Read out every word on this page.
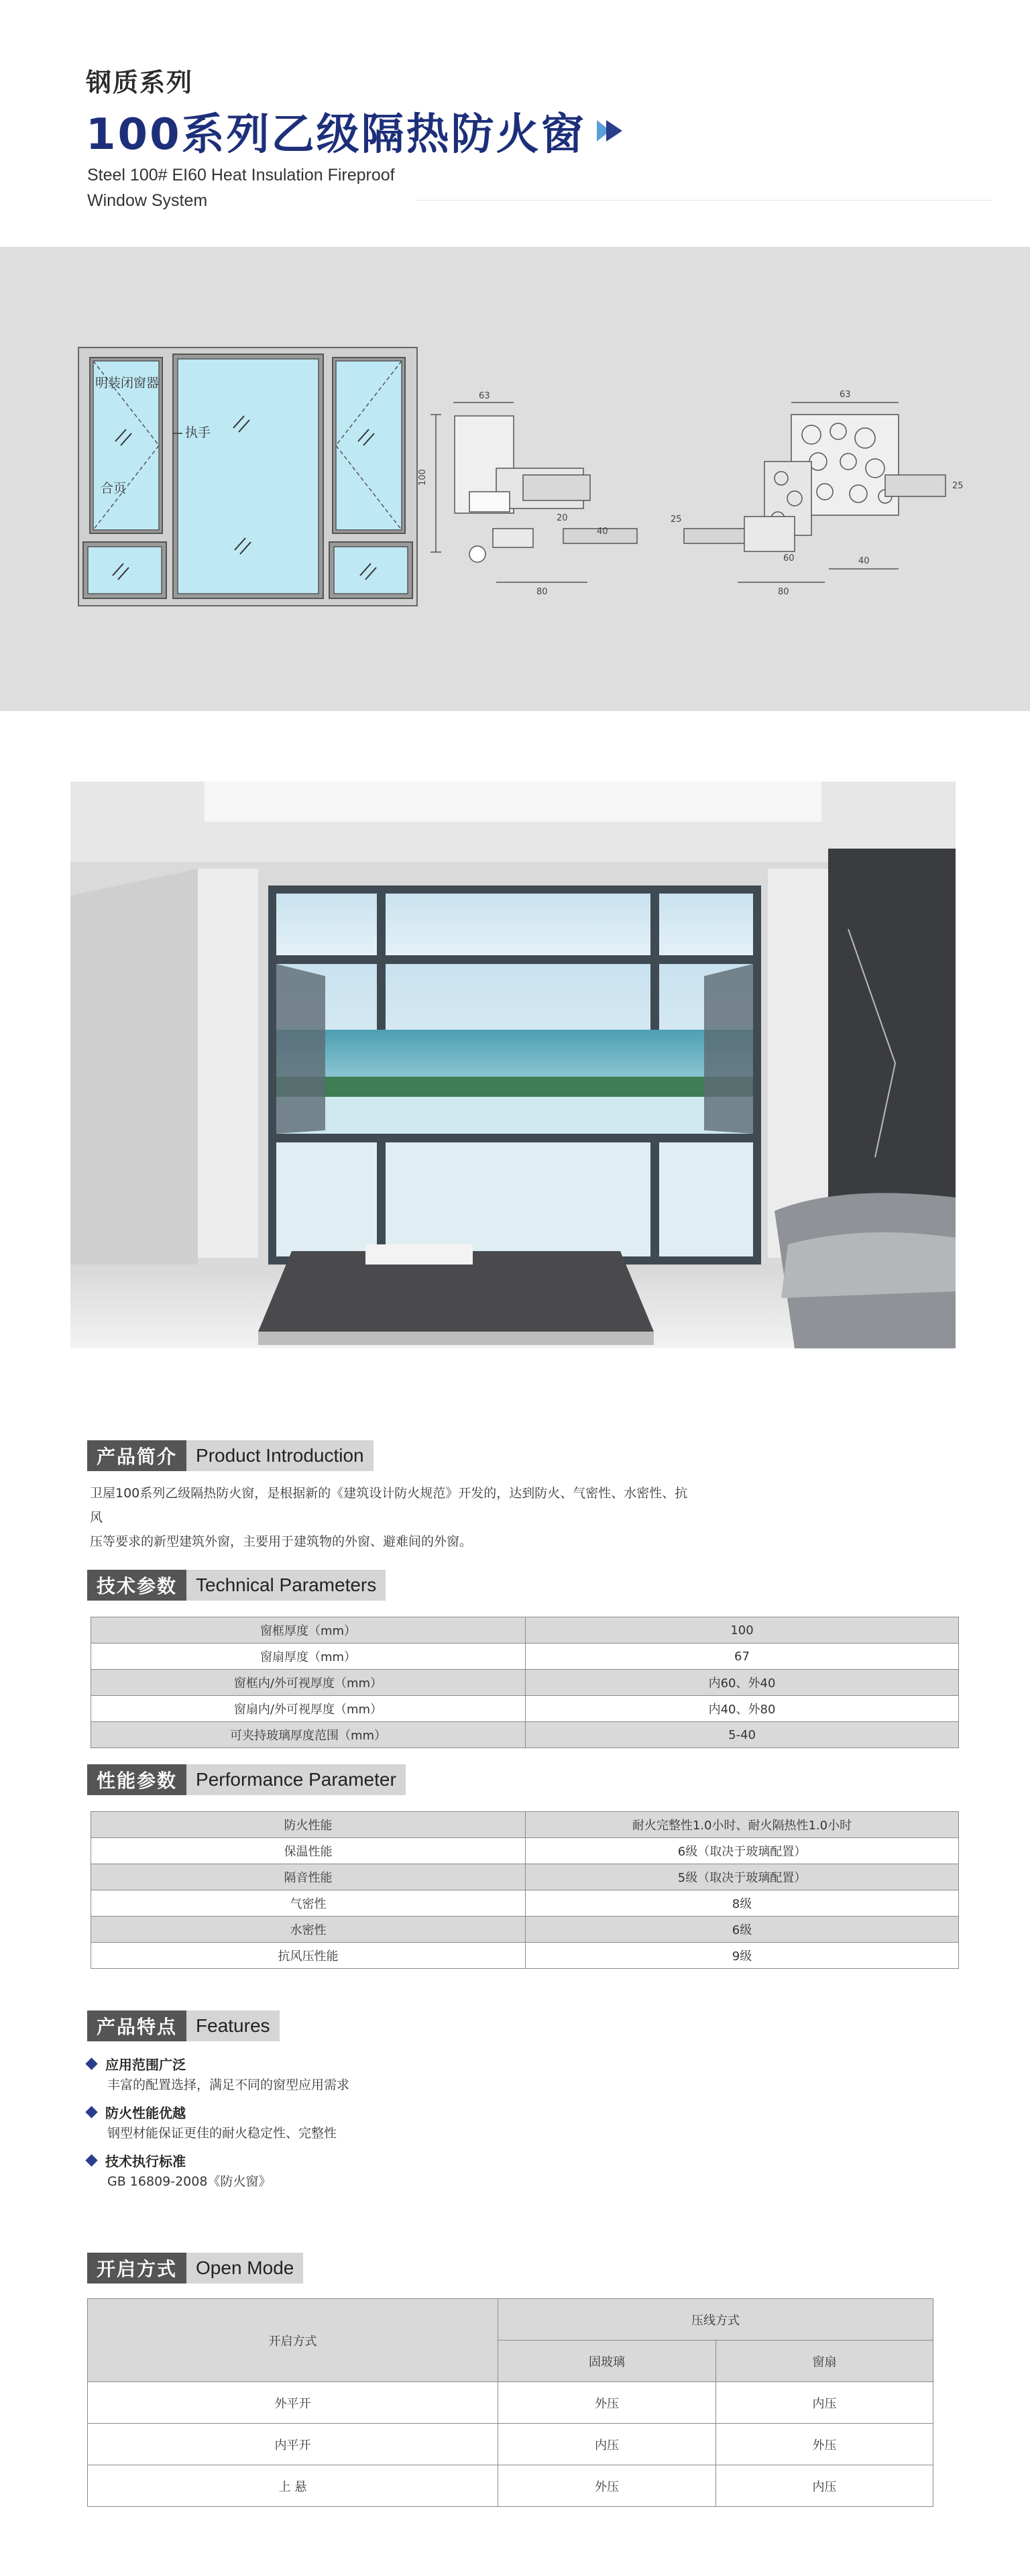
钢质系列
100系列乙级隔热防火窗
Steel 100# EI60 Heat Insulation Fireproof
Window System
63
100
80
20
40
63
80
40
25
25
60
明装闭窗器
执手
合页
产品简介	Product Introduction
卫屋100系列乙级隔热防火窗，是根据新的《建筑设计防火规范》开发的，达到防火、气密性、水密性、抗风
压等要求的新型建筑外窗，主要用于建筑物的外窗、避难间的外窗。
技术参数	Technical Parameters
窗框厚度（mm）	100
窗扇厚度（mm）	67
窗框内/外可视厚度（mm）	内60、外40
窗扇内/外可视厚度（mm）	内40、外80
可夹持玻璃厚度范围（mm）	5-40
性能参数	Performance Parameter
防火性能	耐火完整性1.0小时、耐火隔热性1.0小时
保温性能	6级（取决于玻璃配置）
隔音性能	5级（取决于玻璃配置）
气密性	8级
水密性	6级
抗风压性能	9级
产品特点	Features
应用范围广泛
丰富的配置选择，满足不同的窗型应用需求
防火性能优越
钢型材能保证更佳的耐火稳定性、完整性
技术执行标准
GB 16809-2008《防火窗》
开启方式	Open Mode
开启方式	压线方式	
	固玻璃	窗扇
外平开	外压	内压
内平开	内压	外压
上 悬	外压	内压
